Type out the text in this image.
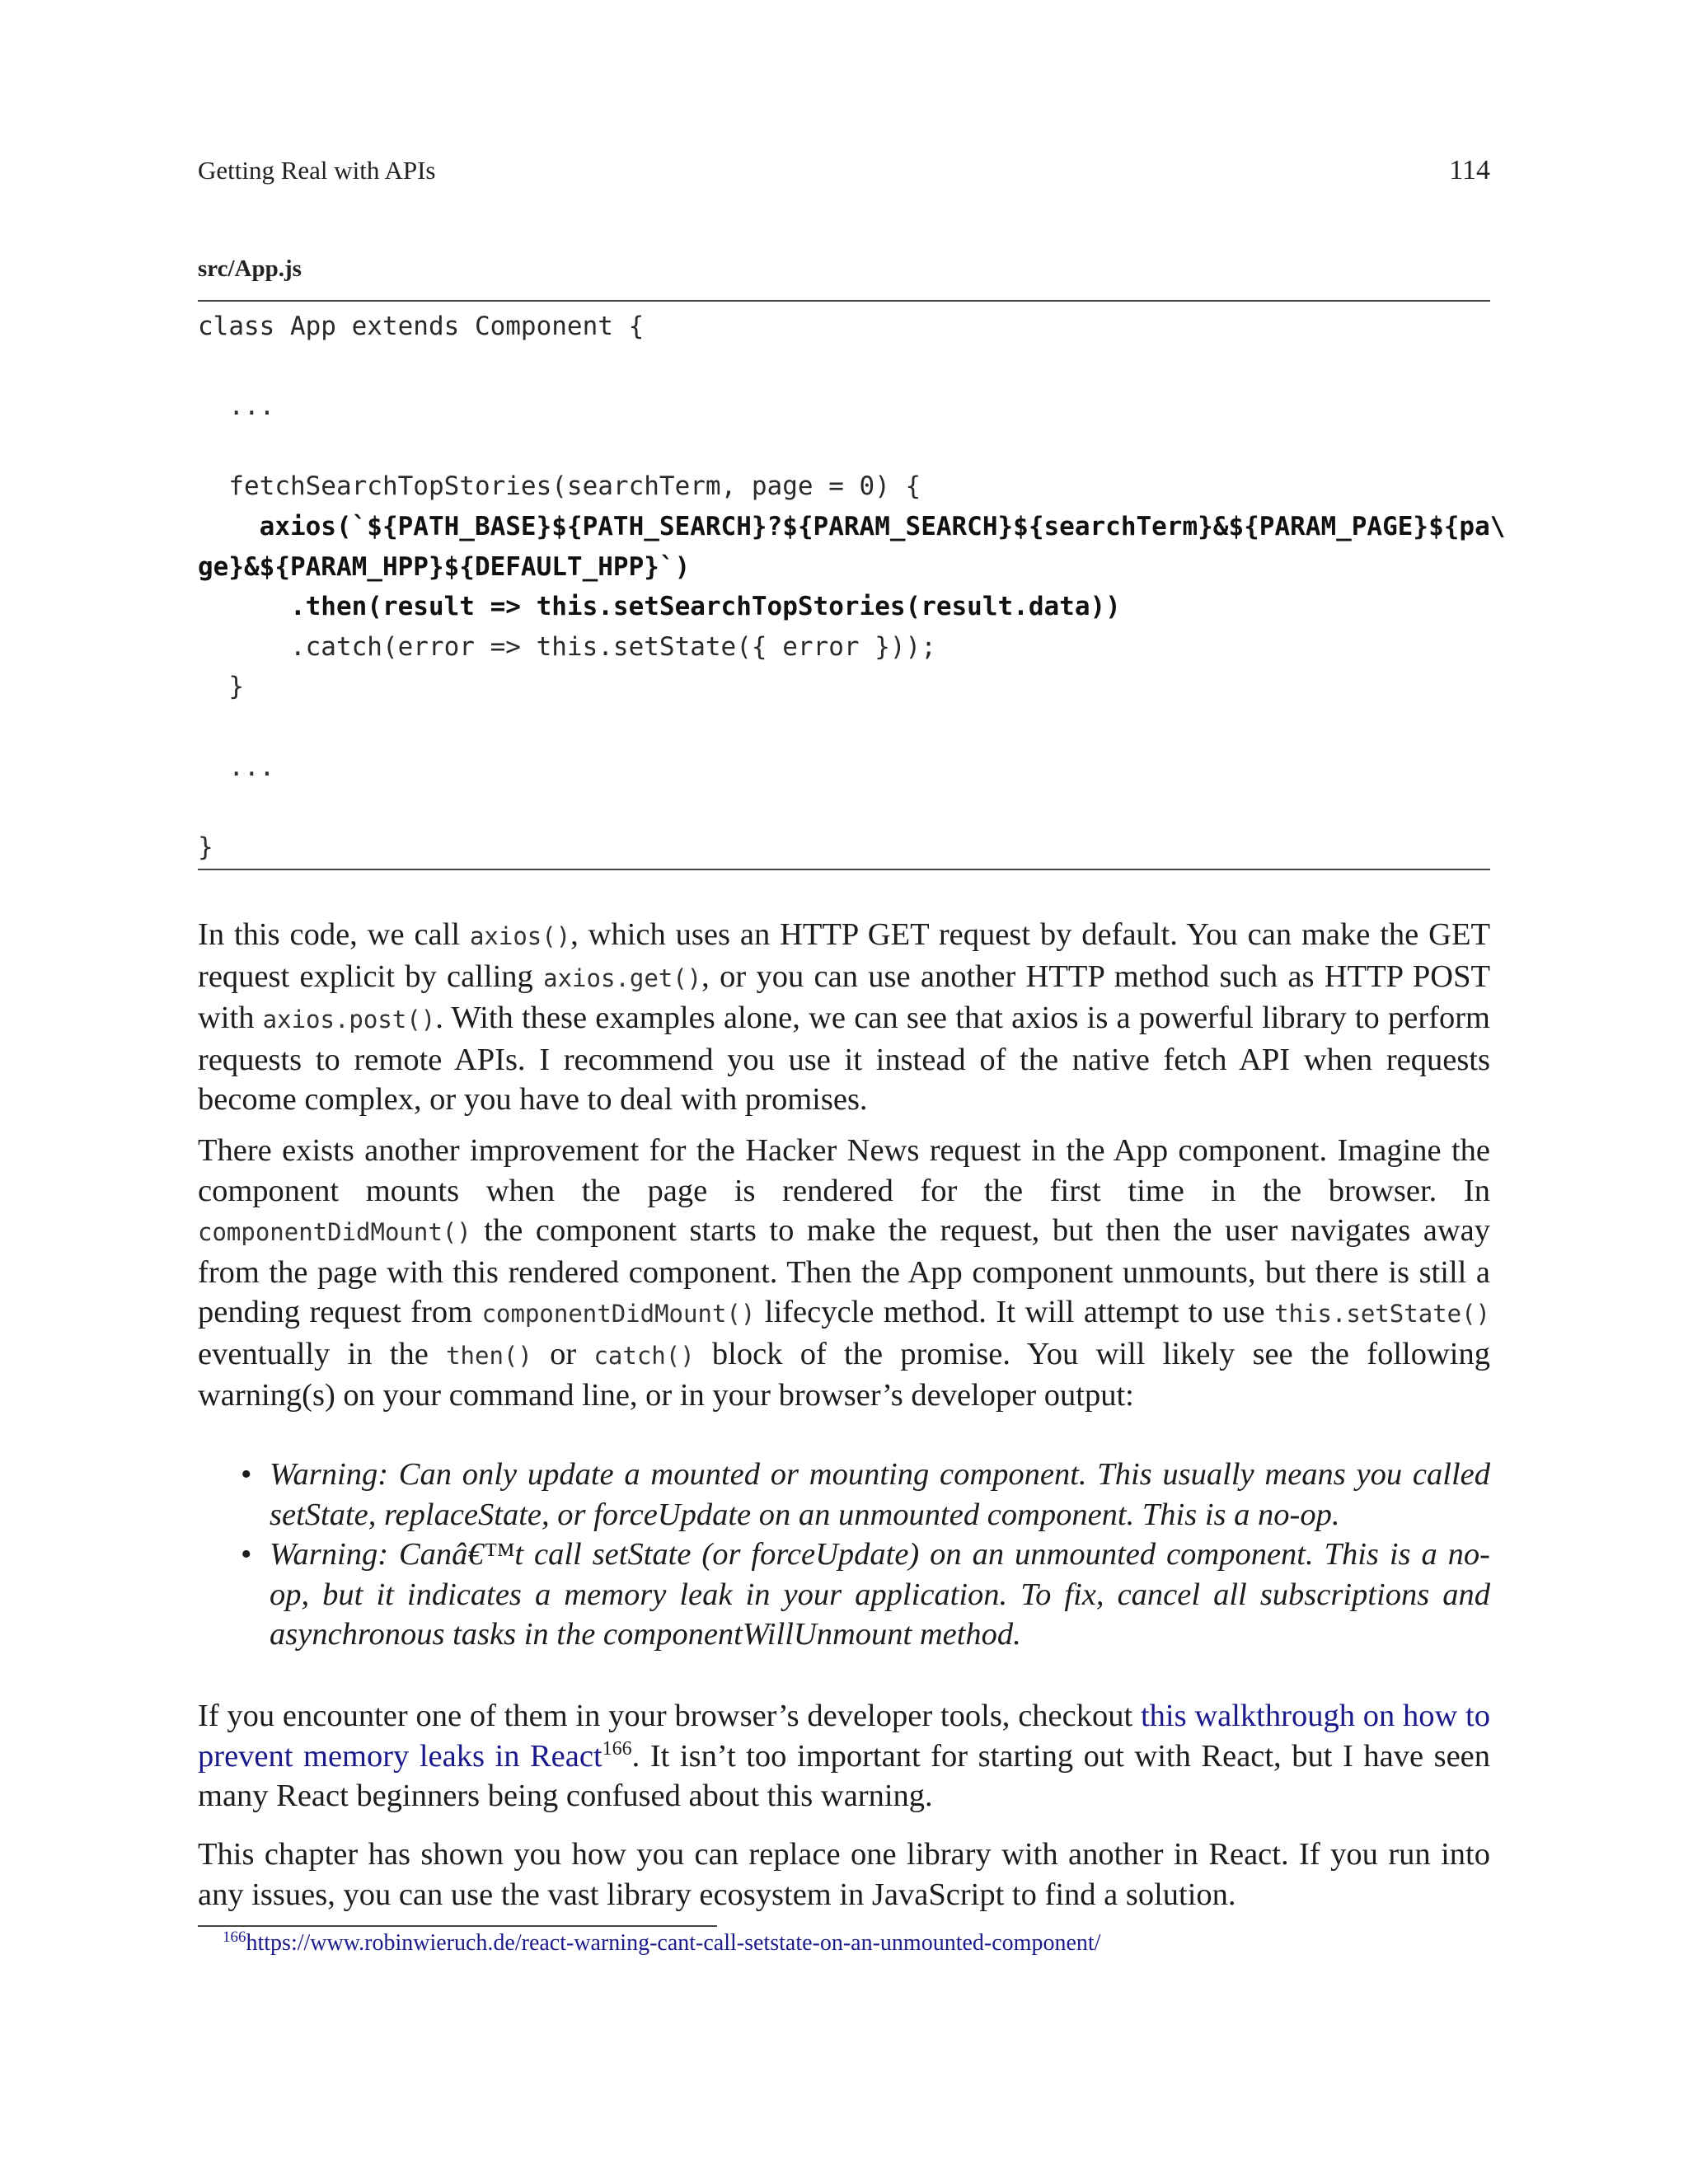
Getting Real with APIs	114
src/App.js
class App extends Component {
...
fetchSearchTopStories(searchTerm, page = 0) {
axios(`${PATH_BASE}${PATH_SEARCH}?${PARAM_SEARCH}${searchTerm}&${PARAM_PAGE}${pa\
ge}&${PARAM_HPP}${DEFAULT_HPP}`)
.then(result => this.setSearchTopStories(result.data))
.catch(error => this.setState({ error }));
}
...
}

In this code, we call axios(), which uses an HTTP GET request by default. You can make the GET request explicit by calling axios.get(), or you can use another HTTP method such as HTTP POST with axios.post(). With these examples alone, we can see that axios is a powerful library to perform requests to remote APIs. I recommend you use it instead of the native fetch API when requests become complex, or you have to deal with promises.

There exists another improvement for the Hacker News request in the App component. Imagine the component mounts when the page is rendered for the first time in the browser. In componentDidMount() the component starts to make the request, but then the user navigates away from the page with this rendered component. Then the App component unmounts, but there is still a pending request from componentDidMount() lifecycle method. It will attempt to use this.setState() eventually in the then() or catch() block of the promise. You will likely see the following warning(s) on your command line, or in your browser’s developer output:

• Warning: Can only update a mounted or mounting component. This usually means you called setState, replaceState, or forceUpdate on an unmounted component. This is a no-op.
• Warning: Canâ€™t call setState (or forceUpdate) on an unmounted component. This is a no-op, but it indicates a memory leak in your application. To fix, cancel all subscriptions and asynchronous tasks in the componentWillUnmount method.

If you encounter one of them in your browser’s developer tools, checkout this walkthrough on how to prevent memory leaks in React$^{166}$. It isn’t too important for starting out with React, but I have seen many React beginners being confused about this warning.

This chapter has shown you how you can replace one library with another in React. If you run into any issues, you can use the vast library ecosystem in JavaScript to find a solution.

$^{166}$https://www.robinwieruch.de/react-warning-cant-call-setstate-on-an-unmounted-component/
